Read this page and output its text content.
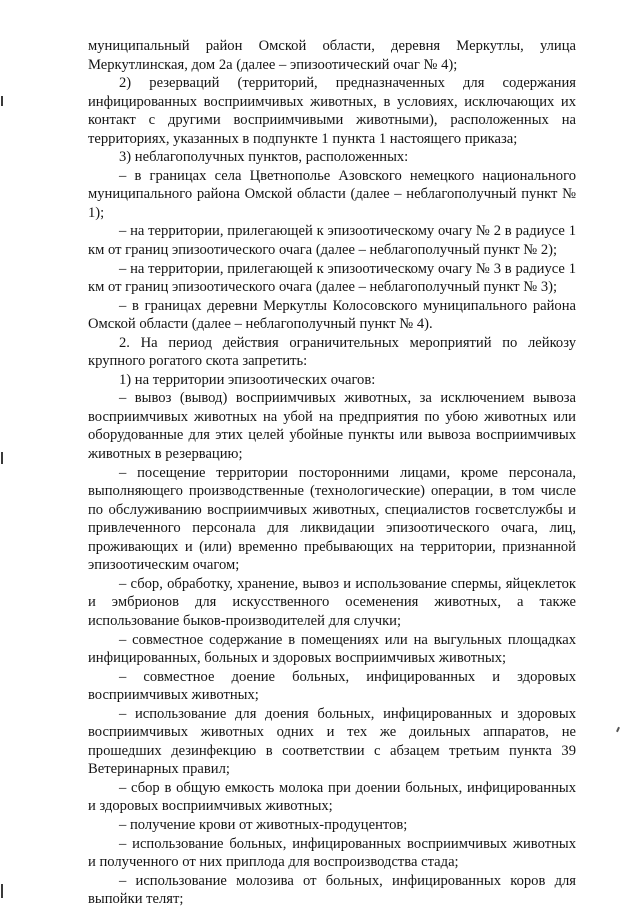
муниципальный район Омской области, деревня Меркутлы, улица Меркутлинская, дом 2а (далее – эпизоотический очаг № 4);

2) резерваций (территорий, предназначенных для содержания инфицированных восприимчивых животных, в условиях, исключающих их контакт с другими восприимчивыми животными), расположенных на территориях, указанных в подпункте 1 пункта 1 настоящего приказа;

3) неблагополучных пунктов, расположенных:

– в границах села Цветнополье Азовского немецкого национального муниципального района Омской области (далее – неблагополучный пункт № 1);

– на территории, прилегающей к эпизоотическому очагу № 2 в радиусе 1 км от границ эпизоотического очага (далее – неблагополучный пункт № 2);

– на территории, прилегающей к эпизоотическому очагу № 3 в радиусе 1 км от границ эпизоотического очага (далее – неблагополучный пункт № 3);

– в границах деревни Меркутлы Колосовского муниципального района Омской области (далее – неблагополучный пункт № 4).

2. На период действия ограничительных мероприятий по лейкозу крупного рогатого скота запретить:

1) на территории эпизоотических очагов:

– вывоз (вывод) восприимчивых животных, за исключением вывоза восприимчивых животных на убой на предприятия по убою животных или оборудованные для этих целей убойные пункты или вывоза восприимчивых животных в резервацию;

– посещение территории посторонними лицами, кроме персонала, выполняющего производственные (технологические) операции, в том числе по обслуживанию восприимчивых животных, специалистов госветслужбы и привлеченного персонала для ликвидации эпизоотического очага, лиц, проживающих и (или) временно пребывающих на территории, признанной эпизоотическим очагом;

– сбор, обработку, хранение, вывоз и использование спермы, яйцеклеток и эмбрионов для искусственного осеменения животных, а также использование быков-производителей для случки;

– совместное содержание в помещениях или на выгульных площадках инфицированных, больных и здоровых восприимчивых животных;

– совместное доение больных, инфицированных и здоровых восприимчивых животных;

– использование для доения больных, инфицированных и здоровых восприимчивых животных одних и тех же доильных аппаратов, не прошедших дезинфекцию в соответствии с абзацем третьим пункта 39 Ветеринарных правил;

– сбор в общую емкость молока при доении больных, инфицированных и здоровых восприимчивых животных;

– получение крови от животных-продуцентов;

– использование больных, инфицированных восприимчивых животных и полученного от них приплода для воспроизводства стада;

– использование молозива от больных, инфицированных коров для выпойки телят;
